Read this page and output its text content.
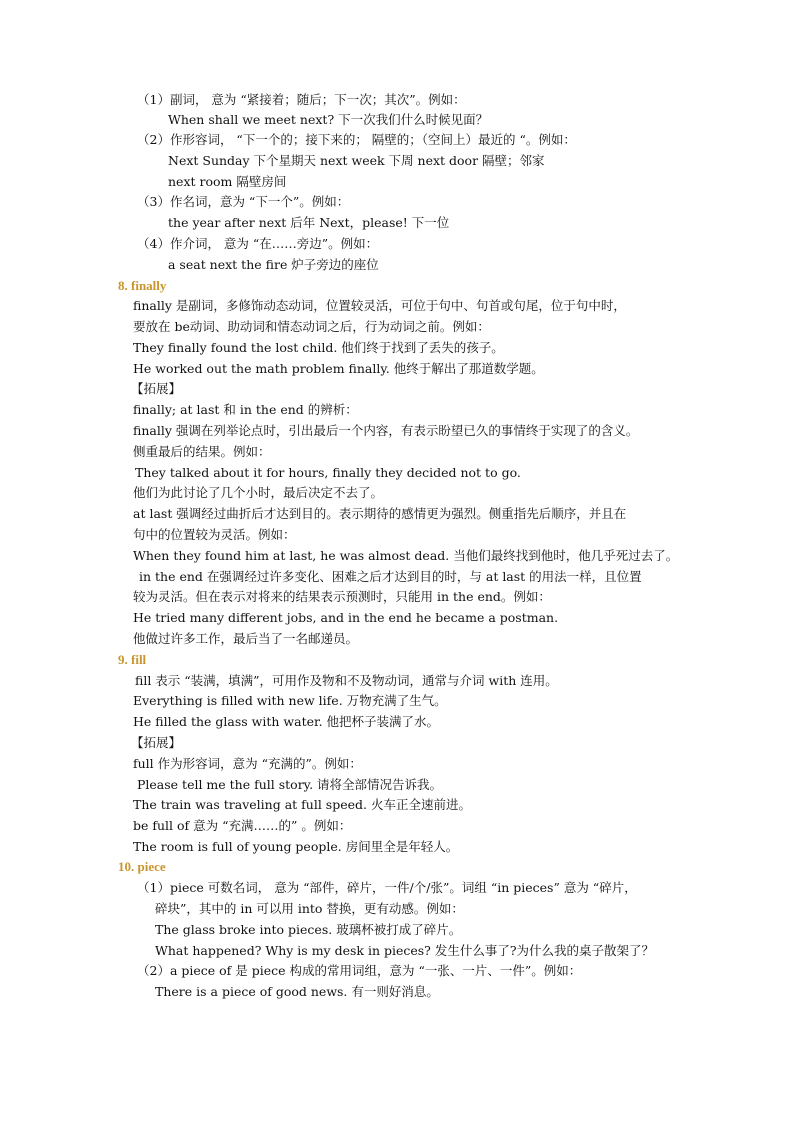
（1）副词， 意为 “紧接着；随后；下一次；其次”。例如：
When shall we meet next? 下一次我们什么时候见面？
（2）作形容词， “下一个的；接下来的； 隔壁的；（空间上）最近的 “。例如：
Next Sunday 下个星期天 next week 下周 next door 隔壁；邻家
next room 隔壁房间
（3）作名词，意为 “下一个”。例如：
the year after next 后年 Next，please! 下一位
（4）作介词， 意为 “在……旁边”。例如：
a seat next the fire 炉子旁边的座位
8. finally
finally 是副词，多修饰动态动词，位置较灵活，可位于句中、句首或句尾，位于句中时，
要放在 be动词、助动词和情态动词之后，行为动词之前。例如：
They finally found the lost child. 他们终于找到了丢失的孩子。
He worked out the math problem finally. 他终于解出了那道数学题。
【拓展】
finally; at last 和 in the end 的辨析：
finally 强调在列举论点时，引出最后一个内容，有表示盼望已久的事情终于实现了的含义。
侧重最后的结果。例如：
They talked about it for hours, finally they decided not to go.
他们为此讨论了几个小时，最后决定不去了。
at last 强调经过曲折后才达到目的。表示期待的感情更为强烈。侧重指先后顺序，并且在
句中的位置较为灵活。例如：
When they found him at last, he was almost dead. 当他们最终找到他时，他几乎死过去了。
in the end 在强调经过许多变化、困难之后才达到目的时，与 at last 的用法一样，且位置
较为灵活。但在表示对将来的结果表示预测时，只能用 in the end。例如：
He tried many different jobs, and in the end he became a postman.
他做过许多工作，最后当了一名邮递员。
9. fill
fill 表示 “装满，填满”，可用作及物和不及物动词，通常与介词 with 连用。
Everything is filled with new life. 万物充满了生气。
He filled the glass with water. 他把杯子装满了水。
【拓展】
full 作为形容词，意为 “充满的”。例如：
Please tell me the full story. 请将全部情况告诉我。
The train was traveling at full speed. 火车正全速前进。
be full of 意为 “充满……的” 。例如：
The room is full of young people. 房间里全是年轻人。
10. piece
（1）piece 可数名词， 意为 “部件，碎片，一件/个/张”。词组 “in pieces” 意为 “碎片，
碎块”，其中的 in 可以用 into 替换，更有动感。例如：
The glass broke into pieces. 玻璃杯被打成了碎片。
What happened? Why is my desk in pieces? 发生什么事了?为什么我的桌子散架了？
（2）a piece of 是 piece 构成的常用词组，意为 “一张、一片、一件”。例如：
There is a piece of good news. 有一则好消息。
